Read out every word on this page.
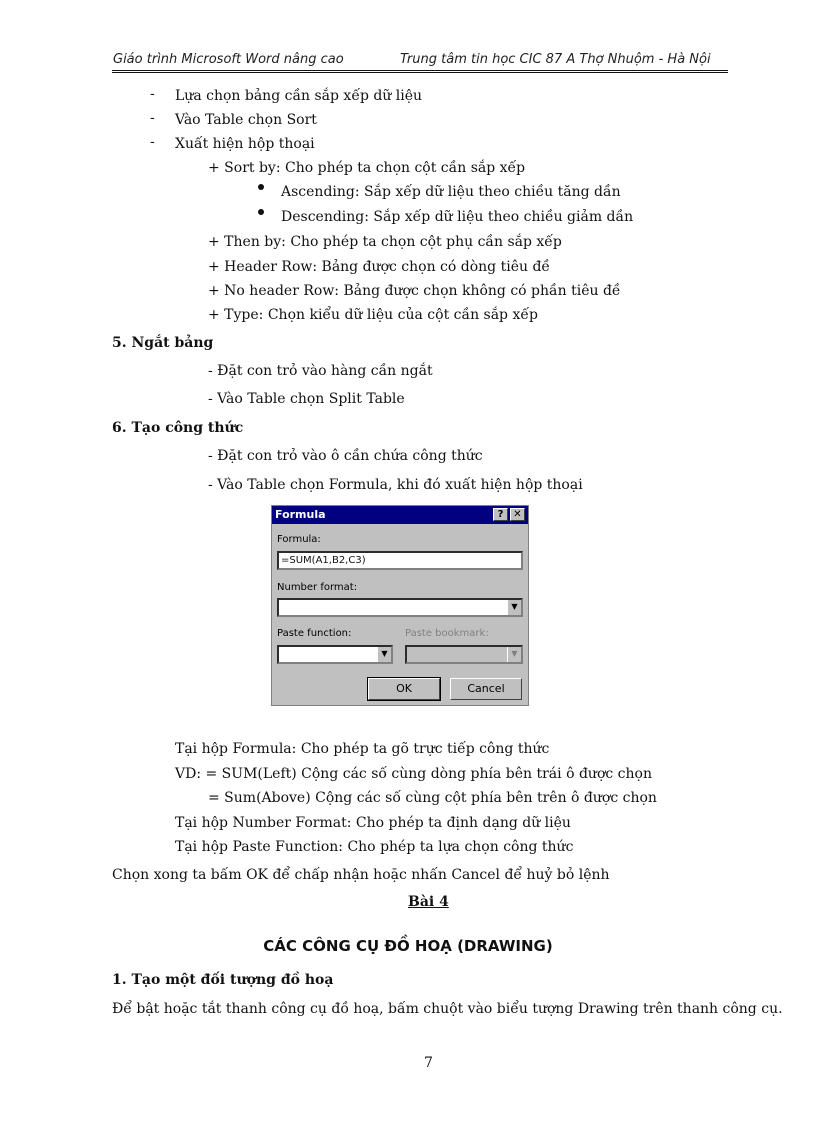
Giáo trình Microsoft Word nâng cao	Trung tâm tin học CIC 87 A Thợ Nhuộm - Hà Nội
- Lựa chọn bảng cần sắp xếp dữ liệu
- Vào Table chọn Sort
- Xuất hiện hộp thoại
+ Sort by: Cho phép ta chọn cột cần sắp xếp
Ascending: Sắp xếp dữ liệu theo chiều tăng dần
Descending: Sắp xếp dữ liệu theo chiều giảm dần
+ Then by: Cho phép ta chọn cột phụ cần sắp xếp
+ Header Row: Bảng được chọn có dòng tiêu đề
+ No header Row: Bảng được chọn không có phần tiêu đề
+ Type: Chọn kiểu dữ liệu của cột cần sắp xếp
5. Ngắt bảng
- Đặt con trỏ vào hàng cần ngắt
- Vào Table chọn Split Table
6. Tạo công thức
- Đặt con trỏ vào ô cần chứa công thức
- Vào Table chọn Formula, khi đó xuất hiện hộp thoại
Formula	? ✕
Formula:
=SUM(A1,B2,C3)
Number format:
▼
Paste function:	Paste bookmark:
▼	▼
OK	Cancel
Tại hộp Formula: Cho phép ta gõ trực tiếp công thức
VD: = SUM(Left) Cộng các số cùng dòng phía bên trái ô được chọn
= Sum(Above) Cộng các số cùng cột phía bên trên ô được chọn
Tại hộp Number Format: Cho phép ta định dạng dữ liệu
Tại hộp Paste Function: Cho phép ta lựa chọn công thức
Chọn xong ta bấm OK để chấp nhận hoặc nhấn Cancel để huỷ bỏ lệnh
Bài 4
CÁC CÔNG CỤ ĐỒ HOẠ (DRAWING)
1. Tạo một đối tượng đồ hoạ
Để bật hoặc tắt thanh công cụ đồ hoạ, bấm chuột vào biểu tượng Drawing trên thanh công cụ.
7
